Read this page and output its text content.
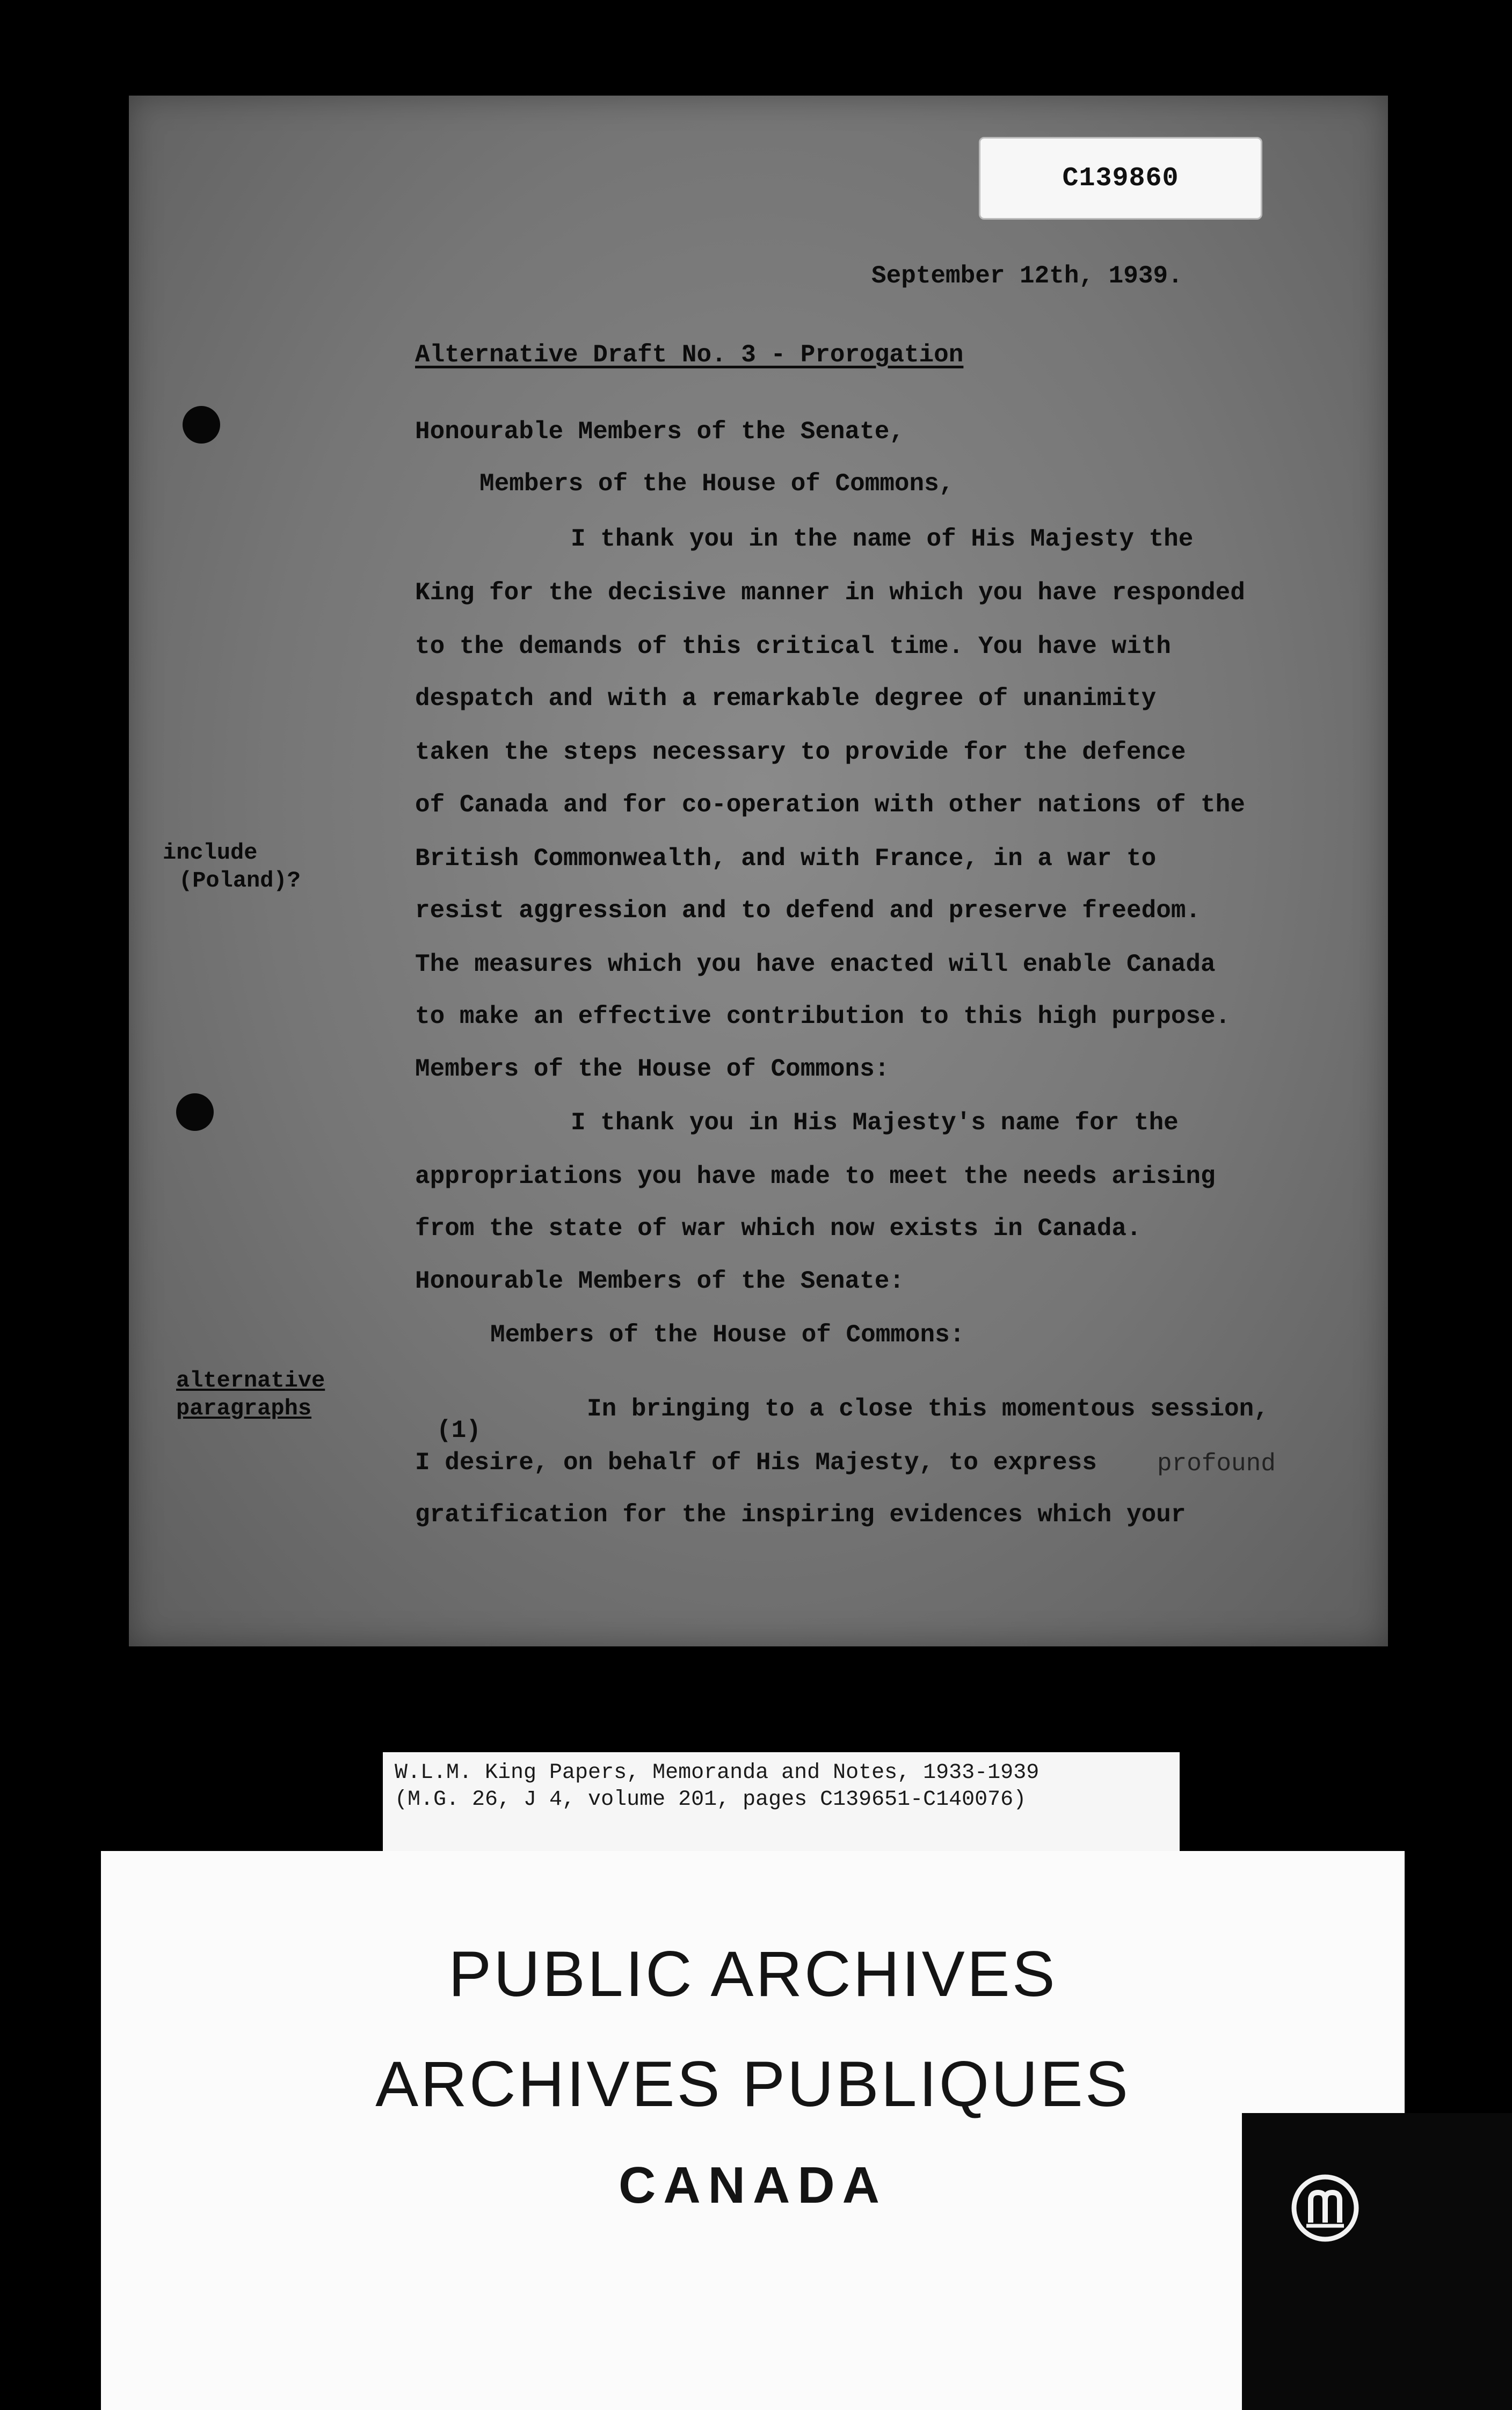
C139860
September 12th, 1939.
Alternative Draft No. 3 - Prorogation
Honourable Members of the Senate,
Members of the House of Commons,
I thank you in the name of His Majesty the
King for the decisive manner in which you have responded
to the demands of this critical time. You have with
despatch and with a remarkable degree of unanimity
taken the steps necessary to provide for the defence
of Canada and for co-operation with other nations of the
British Commonwealth, and with France, in a war to
resist aggression and to defend and preserve freedom.
The measures which you have enacted will enable Canada
to make an effective contribution to this high purpose.
Members of the House of Commons:
I thank you in His Majesty's name for the
appropriations you have made to meet the needs arising
from the state of war which now exists in Canada.
Honourable Members of the Senate:
Members of the House of Commons:
(1)
In bringing to a close this momentous session,
I desire, on behalf of His Majesty, to express profound
gratification for the inspiring evidences which your
include
(Poland)?
alternative
paragraphs
W.L.M. King Papers, Memoranda and Notes, 1933-1939
(M.G. 26, J 4, volume 201, pages C139651-C140076)
PUBLIC ARCHIVES
ARCHIVES PUBLIQUES
CANADA
